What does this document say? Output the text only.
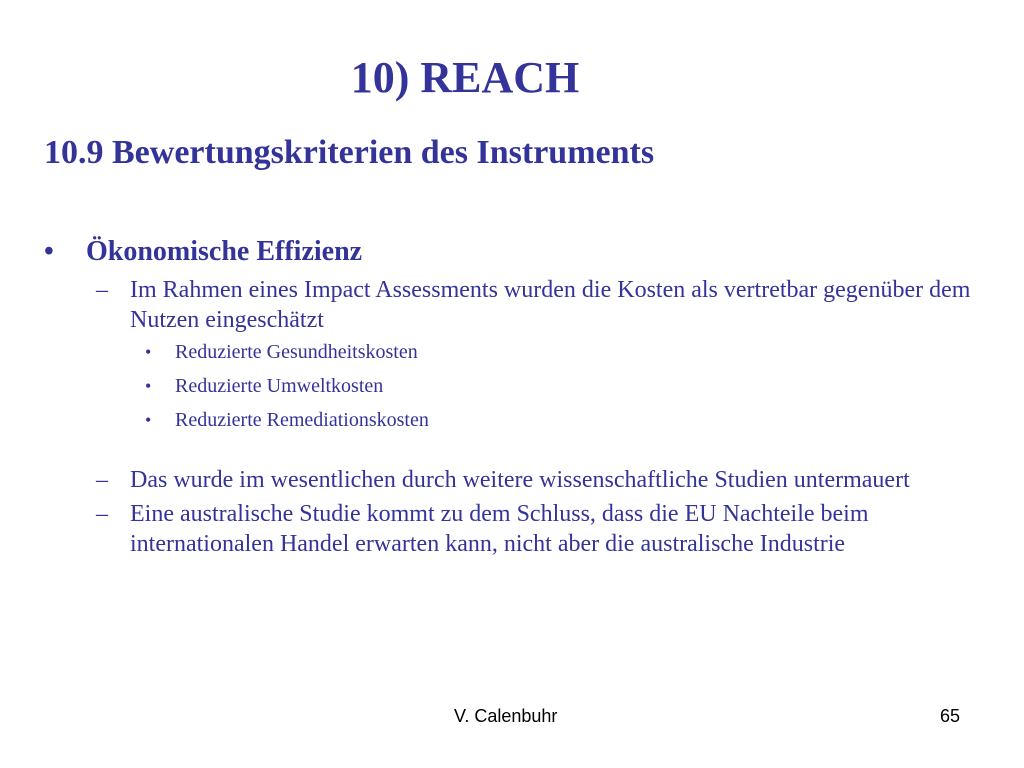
10) REACH
10.9 Bewertungskriterien des Instruments
• Ökonomische Effizienz
– Im Rahmen eines Impact Assessments wurden die Kosten als vertretbar gegenüber dem Nutzen eingeschätzt
• Reduzierte Gesundheitskosten
• Reduzierte Umweltkosten
• Reduzierte Remediationskosten
– Das wurde im wesentlichen durch weitere wissenschaftliche Studien untermauert
– Eine australische Studie kommt zu dem Schluss, dass die EU Nachteile beim internationalen Handel erwarten kann, nicht aber die australische Industrie
V. Calenbuhr	65
